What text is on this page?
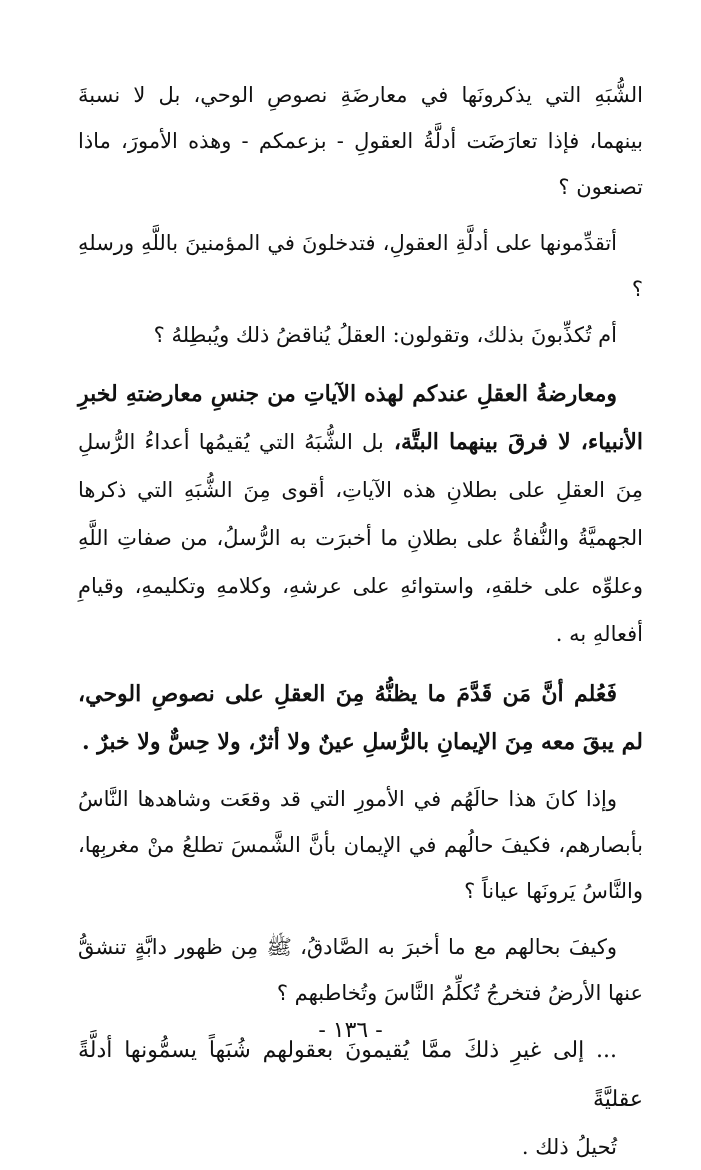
الشُّبَهِ التي يذكرونَها في معارضَةِ نصوصِ الوحي، بل لا نسبةَ بينهما، فإذا تعارَضَت أدلَّةُ العقولِ - بزعمكم - وهذه الأمورَ، ماذا تصنعون ؟

أتقدِّمونها على أدلَّةِ العقولِ، فتدخلونَ في المؤمنينَ باللَّهِ ورسلهِ ؟

أم تُكذِّبونَ بذلك، وتقولون: العقلُ يُناقضُ ذلك ويُبطِلهُ ؟

ومعارضةُ العقلِ عندكم لهذه الآياتِ من جنسِ معارضتهِ لخبرِ الأنبياء، لا فرقَ بينهما البتَّة، بل الشُّبَهُ التي يُقيمُها أعداءُ الرُّسلِ مِنَ العقلِ على بطلانِ هذه الآياتِ، أقوى مِنَ الشُّبَهِ التي ذكرها الجهميَّةُ والنُّفاةُ على بطلانِ ما أخبرَت به الرُّسلُ، من صفاتِ اللَّهِ وعلوِّه على خلقهِ، واستوائهِ على عرشهِ، وكلامهِ وتكليمهِ، وقيامِ أفعالهِ به .

فَعُلم أنَّ مَن قَدَّمَ ما يظنُّهُ مِنَ العقلِ على نصوصِ الوحي، لم يبقَ معه مِنَ الإيمانِ بالرُّسلِ عينٌ ولا أثرٌ، ولا حِسٌّ ولا خبرٌ .

وإذا كانَ هذا حالَهُم في الأمورِ التي قد وقعَت وشاهدها النَّاسُ بأبصارهم، فكيفَ حالُهم في الإيمان بأنَّ الشَّمسَ تطلعُ منْ مغربِها، والنَّاسُ يَرونَها عياناً ؟

وكيفَ بحالهم مع ما أخبرَ به الصَّادقُ، ﷺ مِن ظهور دابَّةٍ تنشقُّ عنها الأرضُ فتخرجُ تُكلِّمُ النَّاسَ وتُخاطبهم ؟

... إلى غيرِ ذلكَ ممَّا يُقيمونَ بعقولهم شُبَهاً يسمُّونها أدلَّةً عقليَّةً

تُحيلُ ذلك .

- ١٣٦ -
